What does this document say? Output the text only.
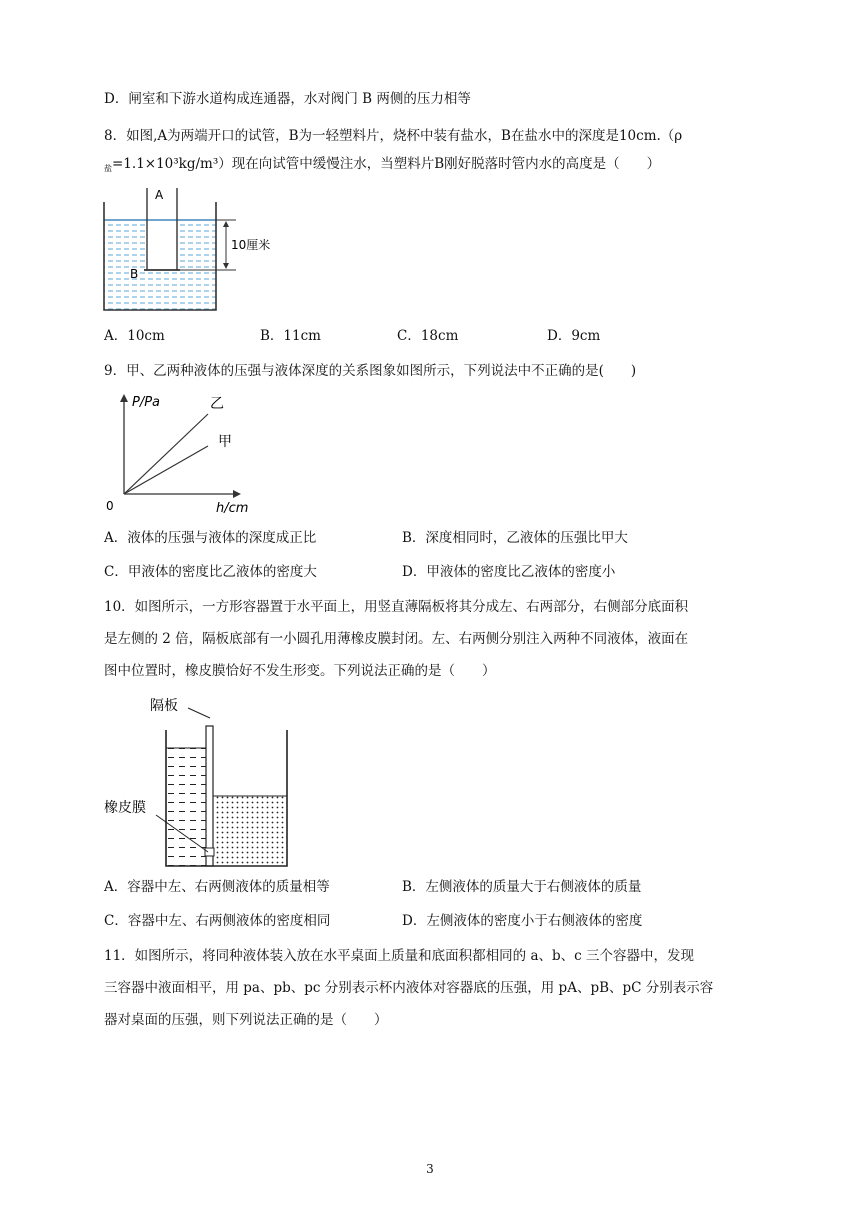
D．闸室和下游水道构成连通器，水对阀门 B 两侧的压力相等
8．如图,A为两端开口的试管，B为一轻塑料片，烧杯中装有盐水，B在盐水中的深度是10cm.（ρ
$_盐$=1.1×10³kg/m³）现在向试管中缓慢注水，当塑料片B刚好脱落时管内水的高度是（　　）
A
B
10厘米
A．10cm	B．11cm	C．18cm	D．9cm
9．甲、乙两种液体的压强与液体深度的关系图象如图所示，下列说法中不正确的是(　　)
P/Pa
h/cm
0
乙
甲
A．液体的压强与液体的深度成正比	B．深度相同时，乙液体的压强比甲大
C．甲液体的密度比乙液体的密度大	D．甲液体的密度比乙液体的密度小
10．如图所示，一方形容器置于水平面上，用竖直薄隔板将其分成左、右两部分，右侧部分底面积
是左侧的 2 倍，隔板底部有一小圆孔用薄橡皮膜封闭。左、右两侧分别注入两种不同液体，液面在
图中位置时，橡皮膜恰好不发生形变。下列说法正确的是（　　）
隔板
橡皮膜
A．容器中左、右两侧液体的质量相等	B．左侧液体的质量大于右侧液体的质量
C．容器中左、右两侧液体的密度相同	D．左侧液体的密度小于右侧液体的密度
11．如图所示，将同种液体装入放在水平桌面上质量和底面积都相同的 a、b、c 三个容器中，发现
三容器中液面相平，用 pa、pb、pc 分别表示杯内液体对容器底的压强，用 pA、pB、pC 分别表示容
器对桌面的压强，则下列说法正确的是（　　）
3
